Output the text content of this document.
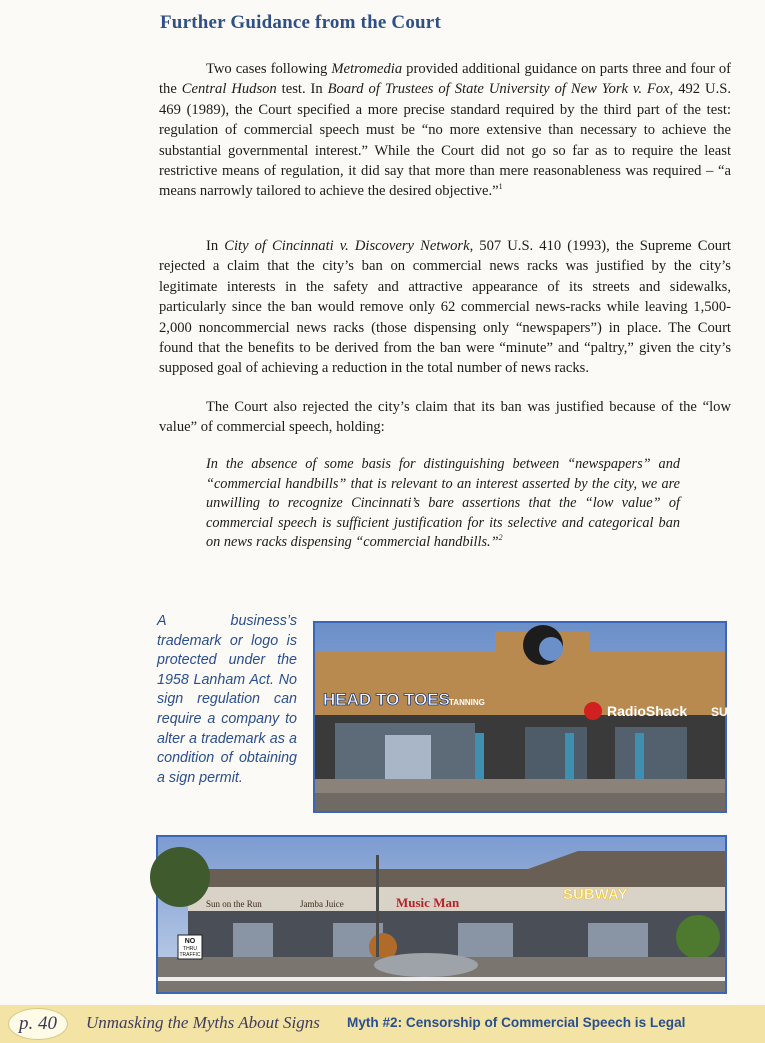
Further Guidance from the Court

Two cases following Metromedia provided additional guidance on parts three and four of the Central Hudson test. In Board of Trustees of State University of New York v. Fox, 492 U.S. 469 (1989), the Court specified a more precise standard required by the third part of the test: regulation of commercial speech must be “no more extensive than necessary to achieve the substantial governmental interest.” While the Court did not go so far as to require the least restrictive means of regulation, it did say that more than mere reasonableness was required – “a means narrowly tailored to achieve the desired objective.”$^1$

In City of Cincinnati v. Discovery Network, 507 U.S. 410 (1993), the Supreme Court rejected a claim that the city’s ban on commercial news racks was justified by the city’s legitimate interests in the safety and attractive appearance of its streets and sidewalks, particularly since the ban would remove only 62 commercial news-racks while leaving 1,500-2,000 noncommercial news racks (those dispensing only “newspapers”) in place. The Court found that the benefits to be derived from the ban were “minute” and “paltry,” given the city’s supposed goal of achieving a reduction in the total number of news racks.

The Court also rejected the city’s claim that its ban was justified because of the “low value” of commercial speech, holding:

In the absence of some basis for distinguishing between “newspapers” and “commercial handbills” that is relevant to an interest asserted by the city, we are unwilling to recognize Cincinnati’s bare assertions that the “low value” of commercial speech is sufficient justification for its selective and categorical ban on news racks dispensing “commercial handbills.”$^2$

A business’s trademark or logo is protected under the 1958 Lanham Act. No sign regulation can require a company to alter a trademark as a condition of obtaining a sign permit.

HEAD TO TOES TANNING
RadioShack SU
NO
THRU
TRAFFIC
Sun on the Run	Jamba Juice	Music Man	SUBWAY
p. 40	Unmasking the Myths About Signs Myth #2: Censorship of Commercial Speech is Legal
